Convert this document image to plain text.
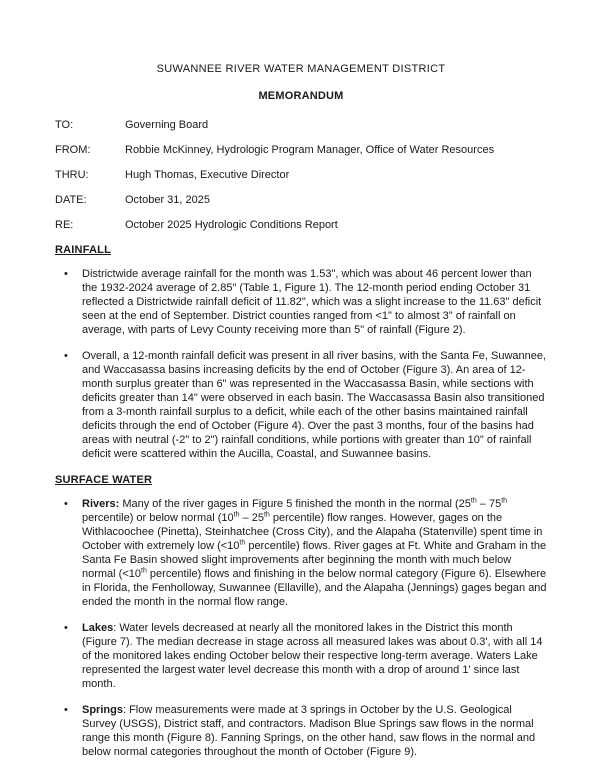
SUWANNEE RIVER WATER MANAGEMENT DISTRICT
MEMORANDUM
TO:	Governing Board
FROM:	Robbie McKinney, Hydrologic Program Manager, Office of Water Resources
THRU:	Hugh Thomas, Executive Director
DATE:	October 31, 2025
RE:	October 2025 Hydrologic Conditions Report
RAINFALL
• Districtwide average rainfall for the month was 1.53", which was about 46 percent lower than the 1932-2024 average of 2.85" (Table 1, Figure 1). The 12-month period ending October 31 reflected a Districtwide rainfall deficit of 11.82", which was a slight increase to the 11.63" deficit seen at the end of September. District counties ranged from <1" to almost 3" of rainfall on average, with parts of Levy County receiving more than 5" of rainfall (Figure 2).
• Overall, a 12-month rainfall deficit was present in all river basins, with the Santa Fe, Suwannee, and Waccasassa basins increasing deficits by the end of October (Figure 3). An area of 12-month surplus greater than 6" was represented in the Waccasassa Basin, while sections with deficits greater than 14" were observed in each basin. The Waccasassa Basin also transitioned from a 3-month rainfall surplus to a deficit, while each of the other basins maintained rainfall deficits through the end of October (Figure 4). Over the past 3 months, four of the basins had areas with neutral (-2" to 2") rainfall conditions, while portions with greater than 10" of rainfall deficit were scattered within the Aucilla, Coastal, and Suwannee basins.
SURFACE WATER
• Rivers: Many of the river gages in Figure 5 finished the month in the normal (25th – 75th percentile) or below normal (10th – 25th percentile) flow ranges. However, gages on the Withlacoochee (Pinetta), Steinhatchee (Cross City), and the Alapaha (Statenville) spent time in October with extremely low (<10th percentile) flows. River gages at Ft. White and Graham in the Santa Fe Basin showed slight improvements after beginning the month with much below normal (<10th percentile) flows and finishing in the below normal category (Figure 6). Elsewhere in Florida, the Fenholloway, Suwannee (Ellaville), and the Alapaha (Jennings) gages began and ended the month in the normal flow range.
• Lakes: Water levels decreased at nearly all the monitored lakes in the District this month (Figure 7). The median decrease in stage across all measured lakes was about 0.3', with all 14 of the monitored lakes ending October below their respective long-term average. Waters Lake represented the largest water level decrease this month with a drop of around 1' since last month.
• Springs: Flow measurements were made at 3 springs in October by the U.S. Geological Survey (USGS), District staff, and contractors. Madison Blue Springs saw flows in the normal range this month (Figure 8). Fanning Springs, on the other hand, saw flows in the normal and below normal categories throughout the month of October (Figure 9).
